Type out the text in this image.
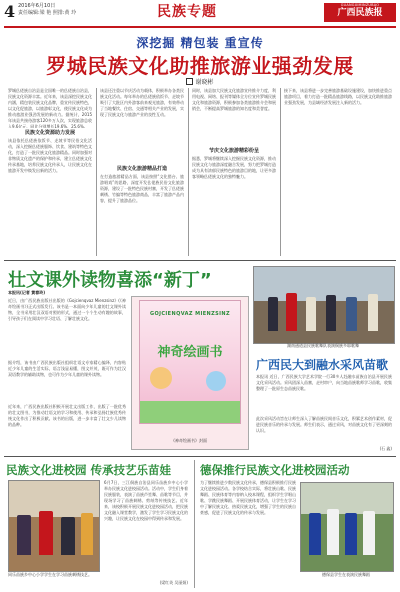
4 2016年6月10日
责任编辑:梁 艳 照排:黄 玲	民族专题	GUANGXIMINZUBAO
广西民族报
深挖掘 精包装 重宣传
罗城民族文化助推旅游业强劲发展
谢晓彬
罗城仫佬族自治县是全国唯一的仫佬族自治县，民族文化资源丰富。近年来，该县深挖民族文化内涵，精包装民族文化品牌，重宣传民族特色，以文化促旅游，以旅游彰文化，使民族文化成为推动旅游业强劲发展的新动力。据统计，2015年该县共接待游客120多万人次，实现旅游总收入9.6亿元，同比分别增长19.6%、25.6%。
民族文化资源助力发展
该县依托仫佬族依饭节、走坡节等民俗文化活动，深入挖掘仫佬族服饰、饮食、建筑等特色文化，打造了一批民族文化旅游精品。同时加强对非物质文化遗产的保护和传承，建立仫佬族文化传承基地，培养民族文化传承人，让民族文化在旅游开发中焕发出新的活力。
该县还注重以节庆活动为载体，积极举办各类民族文化活动。每年举办的仫佬族依饭节、走坡节吸引了大批区内外游客前来观光旅游，有效带动了当地餐饮、住宿、交通等相关产业的发展，实现了民族文化与旅游产业的良性互动。
民族文化旅游精品打造
在打造旅游精品方面，该县按照“文化搭台、旅游唱戏”的思路，深度开发仫佬族民俗文化旅游资源，建设了一批特色民族村寨，开发了仫佬族刺绣、竹编等特色旅游商品，丰富了旅游产品内容，提升了旅游品位。
同时，该县加大民族文化旅游宣传推介力度，利用电视、网络、报刊等媒体全方位宣传罗城民族文化和旅游资源，积极参加各类旅游推介会和展销会，不断提高罗城旅游的知名度和美誉度。
节庆文化旅游精彩纷呈
据悉，罗城将继续深入挖掘民族文化资源，推动民族文化与旅游深度融合发展，努力把罗城打造成为具有浓郁民族特色的旅游目的地，让更多游客领略仫佬族文化的独特魅力。
接下来，该县将进一步完善旅游基础设施建设，加快推进重点旅游项目，着力打造一批精品旅游线路，以民族文化助推旅游业强劲发展，为县域经济发展注入新的活力。
壮文课外读物喜添“新丁”
本报讯(记者 黄春玲)
近日，由广西民族出版社出版的《Gojcienqvaz Mienzsinz》(《神奇绘画书》)正式出版发行。该书是一本面向少年儿童的壮文课外读物，全书采用壮汉双语对照的形式，通过一个个生动有趣的故事，引导孩子们在阅读中学习壮语、了解壮族文化。
据介绍，该书由广西民族出版社组织壮语文专家精心编译，内容贴近少年儿童的生活实际，语言浅显易懂，图文并茂，既可作为壮汉双语教学的辅助读物，也可作为少年儿童的课外读物。
近年来，广西民族出版社积极开展壮文出版工作，出版了一批优秀的壮文图书，为推动壮语文的学习和使用、传承和弘扬壮族优秀传统文化作出了积极贡献。该书的出版，进一步丰富了壮文少儿读物的品种。
GOJCIENQVAZ MIENZSINZ
神奇绘画书
《神奇绘画书》封面
湖南通道县民族歌舞队表演侗族多耶歌舞
广西民大到融水采风苗歌
本报讯 近日，广西民族大学艺术学院一行30多人赴融水苗族自治县开展民族文化采风活动。采风团深入苗寨，走村串户，向当地苗族歌师学习苗歌，收集整理了一批原生态苗族民歌。
此次采风活动旨在让师生深入了解苗族民间音乐文化，积累艺术创作素材，促进民族音乐的传承与发展。师生们表示，通过采风，对苗族文化有了更深刻的认识。
(石 鑫)
民族文化进校园 传承技艺乐苗娃
同乐苗族乡中心小学学生在学习苗族刺绣技艺。
6月7日，三江侗族自治县同乐苗族乡中心小学举办民族文化进校园活动。活动中，学生们身着民族服装，表演了苗族芦笙舞、苗歌等节目，并现场学习了苗族刺绣、剪纸等传统技艺。近年来，该校积极开展民族文化进校园活动，把民族文化融入课堂教学，激发了学生学习民族文化的兴趣，让民族文化在校园中得到传承和发展。
(梁红英 吴丽娟)
德保推行民族文化进校园活动
为了继续推进少数民族文化传承，德保县积极推行民族文化进校园活动。各学校结合实际，将壮族山歌、民族舞蹈、民族体育等内容纳入校本课程，组织学生学唱山歌、学跳民族舞蹈、开展民族体育活动，让学生在学习中了解民族文化、热爱民族文化，增强了学生的民族自豪感，促进了民族文化的传承与发展。
德保县学生在表演民族舞蹈
